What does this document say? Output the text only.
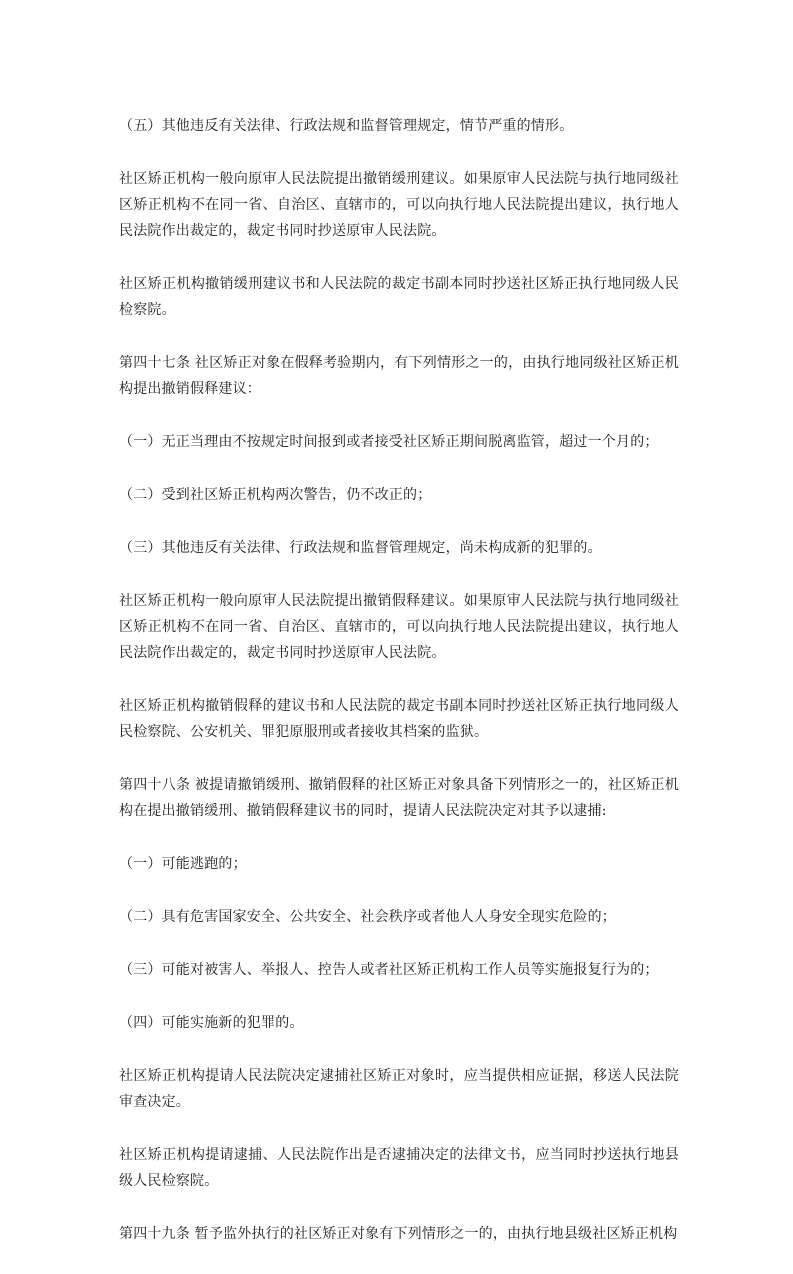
（五）其他违反有关法律、行政法规和监督管理规定，情节严重的情形。

社区矫正机构一般向原审人民法院提出撤销缓刑建议。如果原审人民法院与执行地同级社区矫正机构不在同一省、自治区、直辖市的，可以向执行地人民法院提出建议，执行地人民法院作出裁定的，裁定书同时抄送原审人民法院。

社区矫正机构撤销缓刑建议书和人民法院的裁定书副本同时抄送社区矫正执行地同级人民检察院。

第四十七条 社区矫正对象在假释考验期内，有下列情形之一的，由执行地同级社区矫正机构提出撤销假释建议：

（一）无正当理由不按规定时间报到或者接受社区矫正期间脱离监管，超过一个月的；

（二）受到社区矫正机构两次警告，仍不改正的；

（三）其他违反有关法律、行政法规和监督管理规定，尚未构成新的犯罪的。

社区矫正机构一般向原审人民法院提出撤销假释建议。如果原审人民法院与执行地同级社区矫正机构不在同一省、自治区、直辖市的，可以向执行地人民法院提出建议，执行地人民法院作出裁定的，裁定书同时抄送原审人民法院。

社区矫正机构撤销假释的建议书和人民法院的裁定书副本同时抄送社区矫正执行地同级人民检察院、公安机关、罪犯原服刑或者接收其档案的监狱。

第四十八条 被提请撤销缓刑、撤销假释的社区矫正对象具备下列情形之一的，社区矫正机构在提出撤销缓刑、撤销假释建议书的同时，提请人民法院决定对其予以逮捕:

（一）可能逃跑的；

（二）具有危害国家安全、公共安全、社会秩序或者他人人身安全现实危险的；

（三）可能对被害人、举报人、控告人或者社区矫正机构工作人员等实施报复行为的；

（四）可能实施新的犯罪的。

社区矫正机构提请人民法院决定逮捕社区矫正对象时，应当提供相应证据，移送人民法院审查决定。

社区矫正机构提请逮捕、人民法院作出是否逮捕决定的法律文书，应当同时抄送执行地县级人民检察院。

第四十九条 暂予监外执行的社区矫正对象有下列情形之一的，由执行地县级社区矫正机构
